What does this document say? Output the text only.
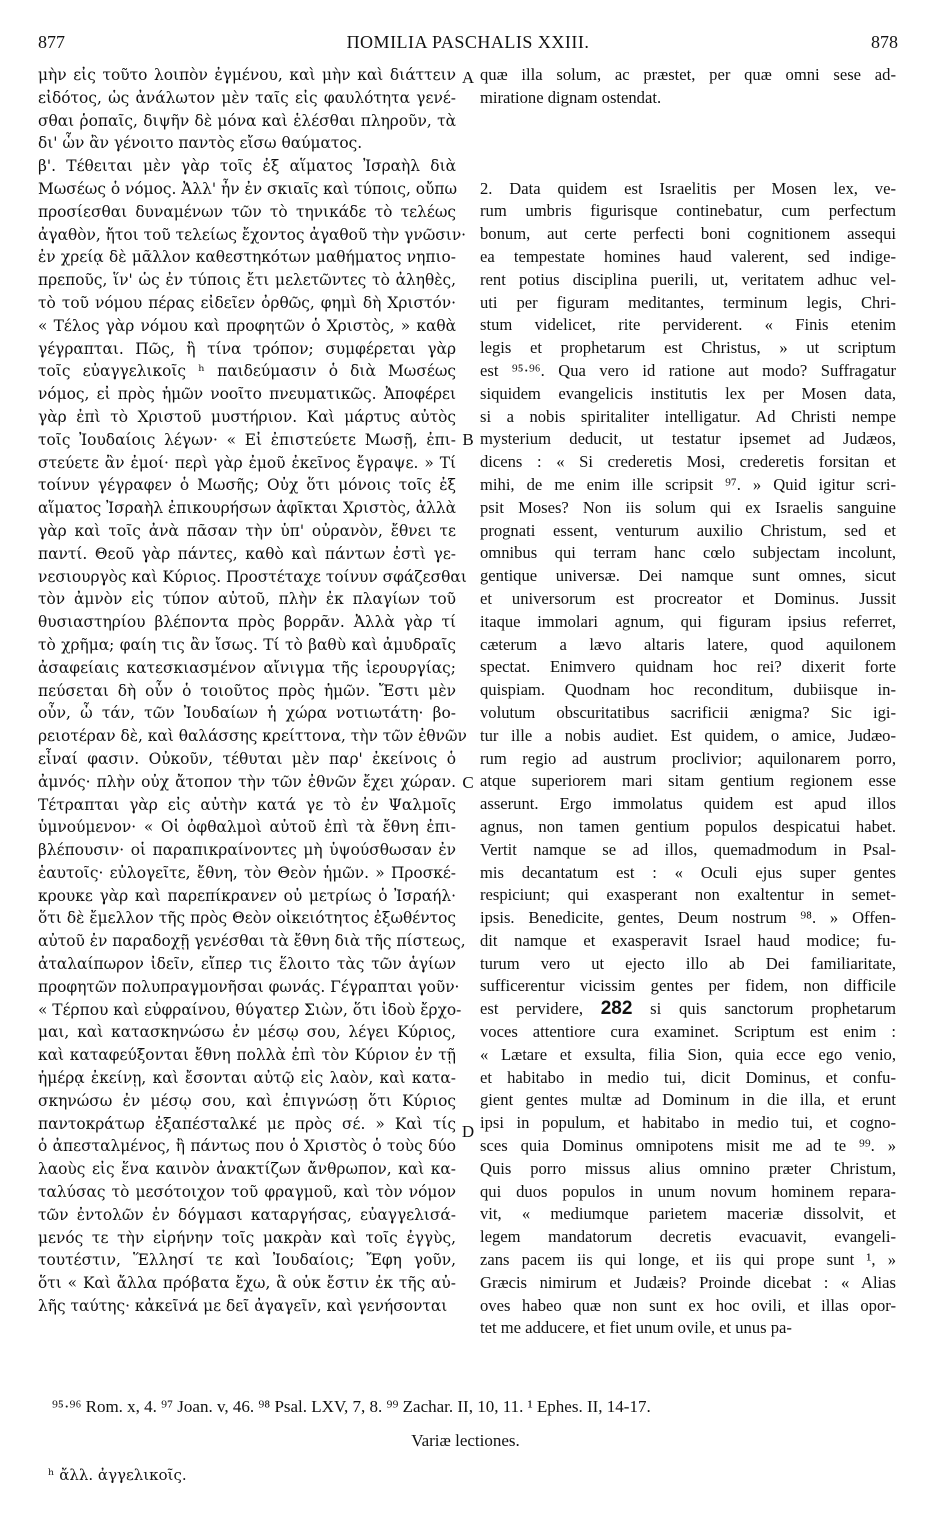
877	ΠΟΜΙLIA PASCHALIS XXIII.	878
A
B
C
D

μὴν εἰς τοῦτο λοιπὸν ἐγμένου, καὶ μὴν καὶ διάττειν

εἰδότος, ὡς ἀνάλωτον μὲν ταῖς εἰς φαυλότητα γενέ-

σθαι ῥοπαῖς, διψῆν δὲ μόνα καὶ ἑλέσθαι πληροῦν, τὰ

δι' ὧν ἂν γένοιτο παντὸς εἴσω θαύματος.

β'. Τέθειται μὲν γὰρ τοῖς ἐξ αἵματος Ἰσραὴλ διὰ

Μωσέως ὁ νόμος. Ἀλλ' ἦν ἐν σκιαῖς καὶ τύποις, οὔπω

προσίεσθαι δυναμένων τῶν τὸ τηνικάδε τὸ τελέως

ἀγαθὸν, ἤτοι τοῦ τελείως ἔχοντος ἀγαθοῦ τὴν γνῶσιν·

ἐν χρείᾳ δὲ μᾶλλον καθεστηκότων μαθήματος νηπιο-

πρεποῦς, ἵν' ὡς ἐν τύποις ἔτι μελετῶντες τὸ ἀληθὲς,

τὸ τοῦ νόμου πέρας εἰδεῖεν ὀρθῶς, φημὶ δὴ Χριστόν·

« Τέλος γὰρ νόμου καὶ προφητῶν ὁ Χριστὸς, » καθὰ

γέγραπται. Πῶς, ἢ τίνα τρόπον; συμφέρεται γὰρ

τοῖς εὐαγγελικοῖς ʰ παιδεύμασιν ὁ διὰ Μωσέως

νόμος, εἰ πρὸς ἡμῶν νοοῖτο πνευματικῶς. Ἀποφέρει

γὰρ ἐπὶ τὸ Χριστοῦ μυστήριον. Καὶ μάρτυς αὐτὸς

τοῖς Ἰουδαίοις λέγων· « Εἰ ἐπιστεύετε Μωσῇ, ἐπι-

στεύετε ἂν ἐμοί· περὶ γὰρ ἐμοῦ ἐκεῖνος ἔγραψε. » Τί

τοίνυν γέγραφεν ὁ Μωσῆς; Οὐχ ὅτι μόνοις τοῖς ἐξ

αἵματος Ἰσραὴλ ἐπικουρήσων ἀφῖκται Χριστὸς, ἀλλὰ

γὰρ καὶ τοῖς ἀνὰ πᾶσαν τὴν ὑπ' οὐρανὸν, ἔθνει τε

παντί. Θεοῦ γὰρ πάντες, καθὸ καὶ πάντων ἐστὶ γε-

νεσιουργὸς καὶ Κύριος. Προστέταχε τοίνυν σφάζεσθαι

τὸν ἀμνὸν εἰς τύπον αὐτοῦ, πλὴν ἐκ πλαγίων τοῦ

θυσιαστηρίου βλέποντα πρὸς βορρᾶν. Ἀλλὰ γὰρ τί

τὸ χρῆμα; φαίη τις ἂν ἴσως. Τί τὸ βαθὺ καὶ ἀμυδραῖς

ἀσαφείαις κατεσκιασμένον αἴνιγμα τῆς ἱερουργίας;

πεύσεται δὴ οὖν ὁ τοιοῦτος πρὸς ἡμῶν. Ἔστι μὲν

οὖν, ὦ τάν, τῶν Ἰουδαίων ἡ χώρα νοτιωτάτη· βο-

ρειοτέραν δὲ, καὶ θαλάσσης κρείττονα, τὴν τῶν ἐθνῶν

εἶναί φασιν. Οὐκοῦν, τέθυται μὲν παρ' ἐκείνοις ὁ

ἀμνός· πλὴν οὐχ ἄτοπον τὴν τῶν ἐθνῶν ἔχει χώραν.

Τέτραπται γὰρ εἰς αὐτὴν κατά γε τὸ ἐν Ψαλμοῖς

ὑμνούμενον· « Οἱ ὀφθαλμοὶ αὐτοῦ ἐπὶ τὰ ἔθνη ἐπι-

βλέπουσιν· οἱ παραπικραίνοντες μὴ ὑψούσθωσαν ἐν

ἑαυτοῖς· εὐλογεῖτε, ἔθνη, τὸν Θεὸν ἡμῶν. » Προσκέ-

κρουκε γὰρ καὶ παρεπίκρανεν οὐ μετρίως ὁ Ἰσραήλ·

ὅτι δὲ ἔμελλον τῆς πρὸς Θεὸν οἰκειότητος ἐξωθέντος

αὐτοῦ ἐν παραδοχῇ γενέσθαι τὰ ἔθνη διὰ τῆς πίστεως,

ἀταλαίπωρον ἰδεῖν, εἴπερ τις ἕλοιτο τὰς τῶν ἁγίων

προφητῶν πολυπραγμονῆσαι φωνάς. Γέγραπται γοῦν·

« Τέρπου καὶ εὐφραίνου, θύγατερ Σιὼν, ὅτι ἰδοὺ ἔρχο-

μαι, καὶ κατασκηνώσω ἐν μέσῳ σου, λέγει Κύριος,

καὶ καταφεύξονται ἔθνη πολλὰ ἐπὶ τὸν Κύριον ἐν τῇ

ἡμέρᾳ ἐκείνῃ, καὶ ἔσονται αὐτῷ εἰς λαὸν, καὶ κατα-

σκηνώσω ἐν μέσῳ σου, καὶ ἐπιγνώσῃ ὅτι Κύριος

παντοκράτωρ ἐξαπέσταλκέ με πρὸς σέ. » Καὶ τίς

ὁ ἀπεσταλμένος, ἢ πάντως που ὁ Χριστὸς ὁ τοὺς δύο

λαοὺς εἰς ἕνα καινὸν ἀνακτίζων ἄνθρωπον, καὶ κα-

ταλύσας τὸ μεσότοιχον τοῦ φραγμοῦ, καὶ τὸν νόμον

τῶν ἐντολῶν ἐν δόγμασι καταργήσας, εὐαγγελισά-

μενός τε τὴν εἰρήνην τοῖς μακρὰν καὶ τοῖς ἐγγὺς,

τουτέστιν, Ἕλλησί τε καὶ Ἰουδαίοις; Ἔφη γοῦν,

ὅτι « Καὶ ἄλλα πρόβατα ἔχω, ἃ οὐκ ἔστιν ἐκ τῆς αὐ-

λῆς ταύτης· κἀκεῖνά με δεῖ ἀγαγεῖν, καὶ γενήσονται

quæ illa solum, ac præstet, per quæ omni sese ad-

miratione dignam ostendat.

2. Data quidem est Israelitis per Mosen lex, ve-

rum umbris figurisque continebatur, cum perfectum

bonum, aut certe perfecti boni cognitionem assequi

ea tempestate homines haud valerent, sed indige-

rent potius disciplina puerili, ut, veritatem adhuc vel-

uti per figuram meditantes, terminum legis, Chri-

stum videlicet, rite perviderent. « Finis etenim

legis et prophetarum est Christus, » ut scriptum

est ⁹⁵·⁹⁶. Qua vero id ratione aut modo? Suffragatur

siquidem evangelicis institutis lex per Mosen data,

si a nobis spiritaliter intelligatur. Ad Christi nempe

mysterium deducit, ut testatur ipsemet ad Judæos,

dicens : « Si crederetis Mosi, crederetis forsitan et

mihi, de me enim ille scripsit ⁹⁷. » Quid igitur scri-

psit Moses? Non iis solum qui ex Israelis sanguine

prognati essent, venturum auxilio Christum, sed et

omnibus qui terram hanc cœlo subjectam incolunt,

gentique universæ. Dei namque sunt omnes, sicut

et universorum est procreator et Dominus. Jussit

itaque immolari agnum, qui figuram ipsius referret,

cæterum a lævo altaris latere, quod aquilonem

spectat. Enimvero quidnam hoc rei? dixerit forte

quispiam. Quodnam hoc reconditum, dubiisque in-

volutum obscuritatibus sacrificii ænigma? Sic igi-

tur ille a nobis audiet. Est quidem, o amice, Judæo-

rum regio ad austrum proclivior; aquilonarem porro,

atque superiorem mari sitam gentium regionem esse

asserunt. Ergo immolatus quidem est apud illos

agnus, non tamen gentium populos despicatui habet.

Vertit namque se ad illos, quemadmodum in Psal-

mis decantatum est : « Oculi ejus super gentes

respiciunt; qui exasperant non exaltentur in semet-

ipsis. Benedicite, gentes, Deum nostrum ⁹⁸. » Offen-

dit namque et exasperavit Israel haud modice; fu-

turum vero ut ejecto illo ab Dei familiaritate,

sufficerentur vicissim gentes per fidem, non difficile

est pervidere, 282 si quis sanctorum prophetarum

voces attentiore cura examinet. Scriptum est enim :

« Lætare et exsulta, filia Sion, quia ecce ego venio,

et habitabo in medio tui, dicit Dominus, et confu-

gient gentes multæ ad Dominum in die illa, et erunt

ipsi in populum, et habitabo in medio tui, et cogno-

sces quia Dominus omnipotens misit me ad te ⁹⁹. »

Quis porro missus alius omnino præter Christum,

qui duos populos in unum novum hominem repara-

vit, « mediumque parietem maceriæ dissolvit, et

legem mandatorum decretis evacuavit, evangeli-

zans pacem iis qui longe, et iis qui prope sunt ¹, »

Græcis nimirum et Judæis? Proinde dicebat : « Alias

oves habeo quæ non sunt ex hoc ovili, et illas opor-

tet me adducere, et fiet unum ovile, et unus pa-

⁹⁵·⁹⁶ Rom. x, 4. ⁹⁷ Joan. v, 46. ⁹⁸ Psal. LXV, 7, 8. ⁹⁹ Zachar. II, 10, 11. ¹ Ephes. II, 14-17.
Variæ lectiones.
ʰ ἄλλ. ἀγγελικοῖς.
